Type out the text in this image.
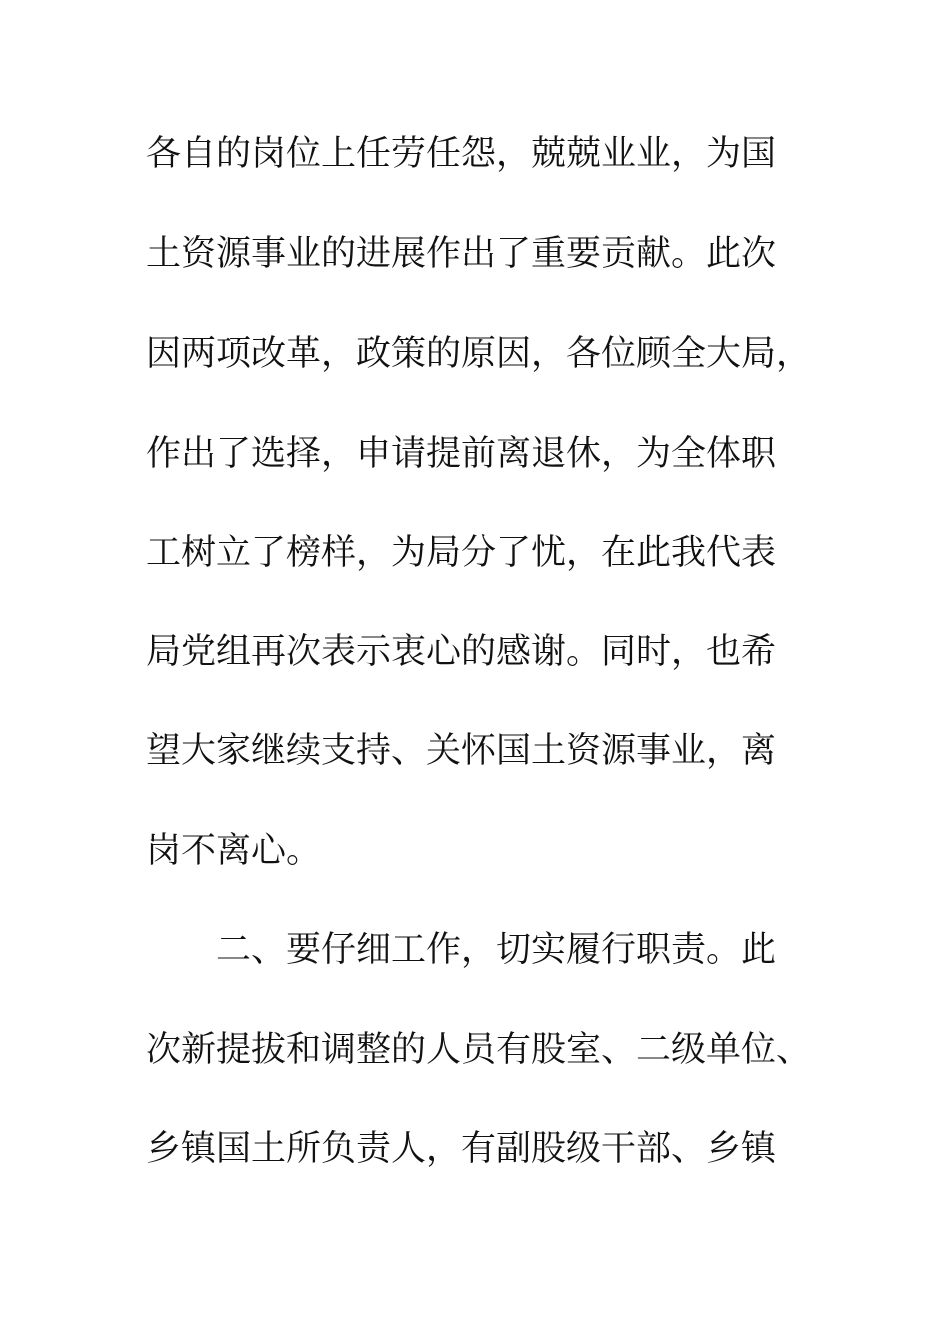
各自的岗位上任劳任怨，兢兢业业，为国
土资源事业的进展作出了重要贡献。此次
因两项改革，政策的原因，各位顾全大局，
作出了选择，申请提前离退休，为全体职
工树立了榜样，为局分了忧，在此我代表
局党组再次表示衷心的感谢。同时，也希
望大家继续支持、关怀国土资源事业，离
岗不离心。
　　二、要仔细工作，切实履行职责。此
次新提拔和调整的人员有股室、二级单位、
乡镇国土所负责人，有副股级干部、乡镇
